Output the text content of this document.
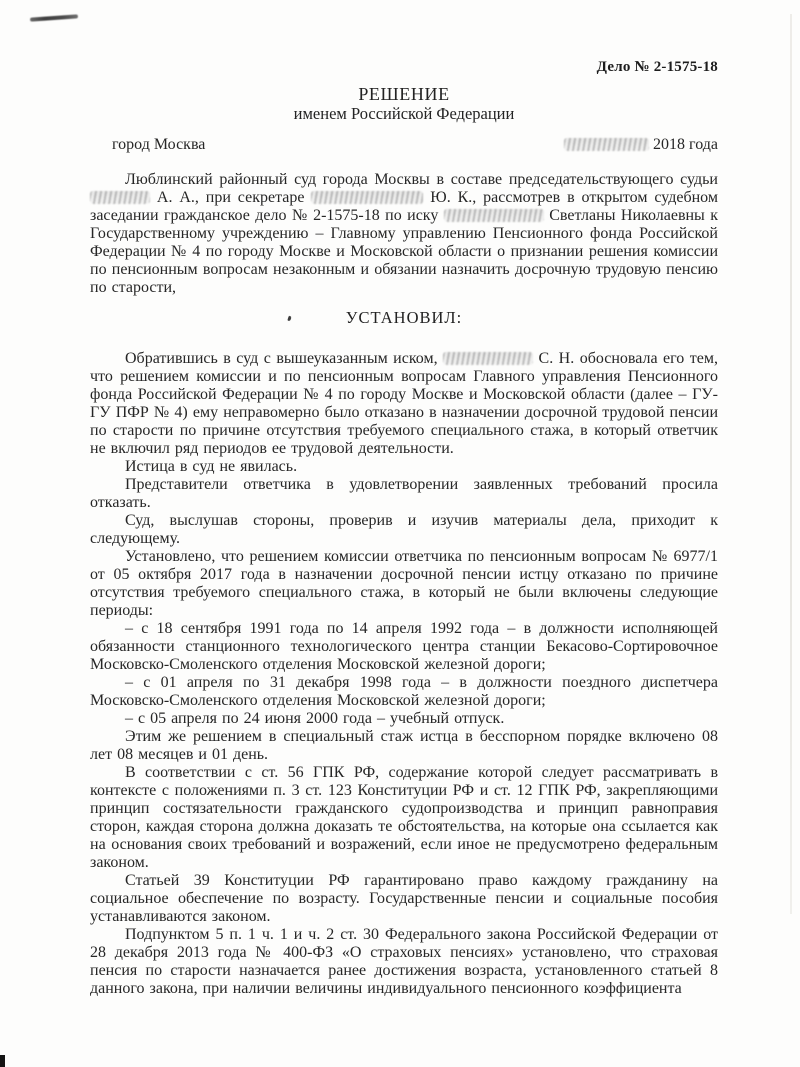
Дело № 2-1575-18
РЕШЕНИЕ
именем Российской Федерации
город Москва	2018 года

Люблинский районный суд города Москвы в составе председательствующего судьи  А. А., при секретаре	Ю. К., рассмотрев в открытом судебном заседании гражданское дело № 2-1575-18 по иску	Светланы Николаевны к Государственному учреждению – Главному управлению Пенсионного фонда Российской Федерации № 4 по городу Москве и Московской области о признании решения комиссии по пенсионным вопросам незаконным и обязании назначить досрочную трудовую пенсию по старости,

УСТАНОВИЛ:

Обратившись в суд с вышеуказанным иском,	С. Н. обосновала его тем, что решением комиссии и по пенсионным вопросам Главного управления Пенсионного фонда Российской Федерации № 4 по городу Москве и Московской области (далее – ГУ-ГУ ПФР № 4) ему неправомерно было отказано в назначении досрочной трудовой пенсии по старости по причине отсутствия требуемого специального стажа, в который ответчик не включил ряд периодов ее трудовой деятельности.

Истица в суд не явилась.

Представители ответчика в удовлетворении заявленных требований просила отказать.

Суд, выслушав стороны, проверив и изучив материалы дела, приходит к следующему.

Установлено, что решением комиссии ответчика по пенсионным вопросам № 6977/1 от 05 октября 2017 года в назначении досрочной пенсии истцу отказано по причине отсутствия требуемого специального стажа, в который не были включены следующие периоды:

– с 18 сентября 1991 года по 14 апреля 1992 года – в должности исполняющей обязанности станционного технологического центра станции Бекасово-Сортировочное Московско-Смоленского отделения Московской железной дороги;

– с 01 апреля по 31 декабря 1998 года – в должности поездного диспетчера Московско-Смоленского отделения Московской железной дороги;

– с 05 апреля по 24 июня 2000 года – учебный отпуск.

Этим же решением в специальный стаж истца в бесспорном порядке включено 08 лет 08 месяцев и 01 день.

В соответствии с ст. 56 ГПК РФ, содержание которой следует рассматривать в контексте с положениями п. 3 ст. 123 Конституции РФ и ст. 12 ГПК РФ, закрепляющими принцип состязательности гражданского судопроизводства и принцип равноправия сторон, каждая сторона должна доказать те обстоятельства, на которые она ссылается как на основания своих требований и возражений, если иное не предусмотрено федеральным законом.

Статьей 39 Конституции РФ гарантировано право каждому гражданину на социальное обеспечение по возрасту. Государственные пенсии и социальные пособия устанавливаются законом.

Подпунктом 5 п. 1 ч. 1 и ч. 2 ст. 30 Федерального закона Российской Федерации от 28 декабря 2013 года № 400-ФЗ «О страховых пенсиях» установлено, что страховая пенсия по старости назначается ранее достижения возраста, установленного статьей 8 данного закона, при наличии величины индивидуального пенсионного коэффициента
